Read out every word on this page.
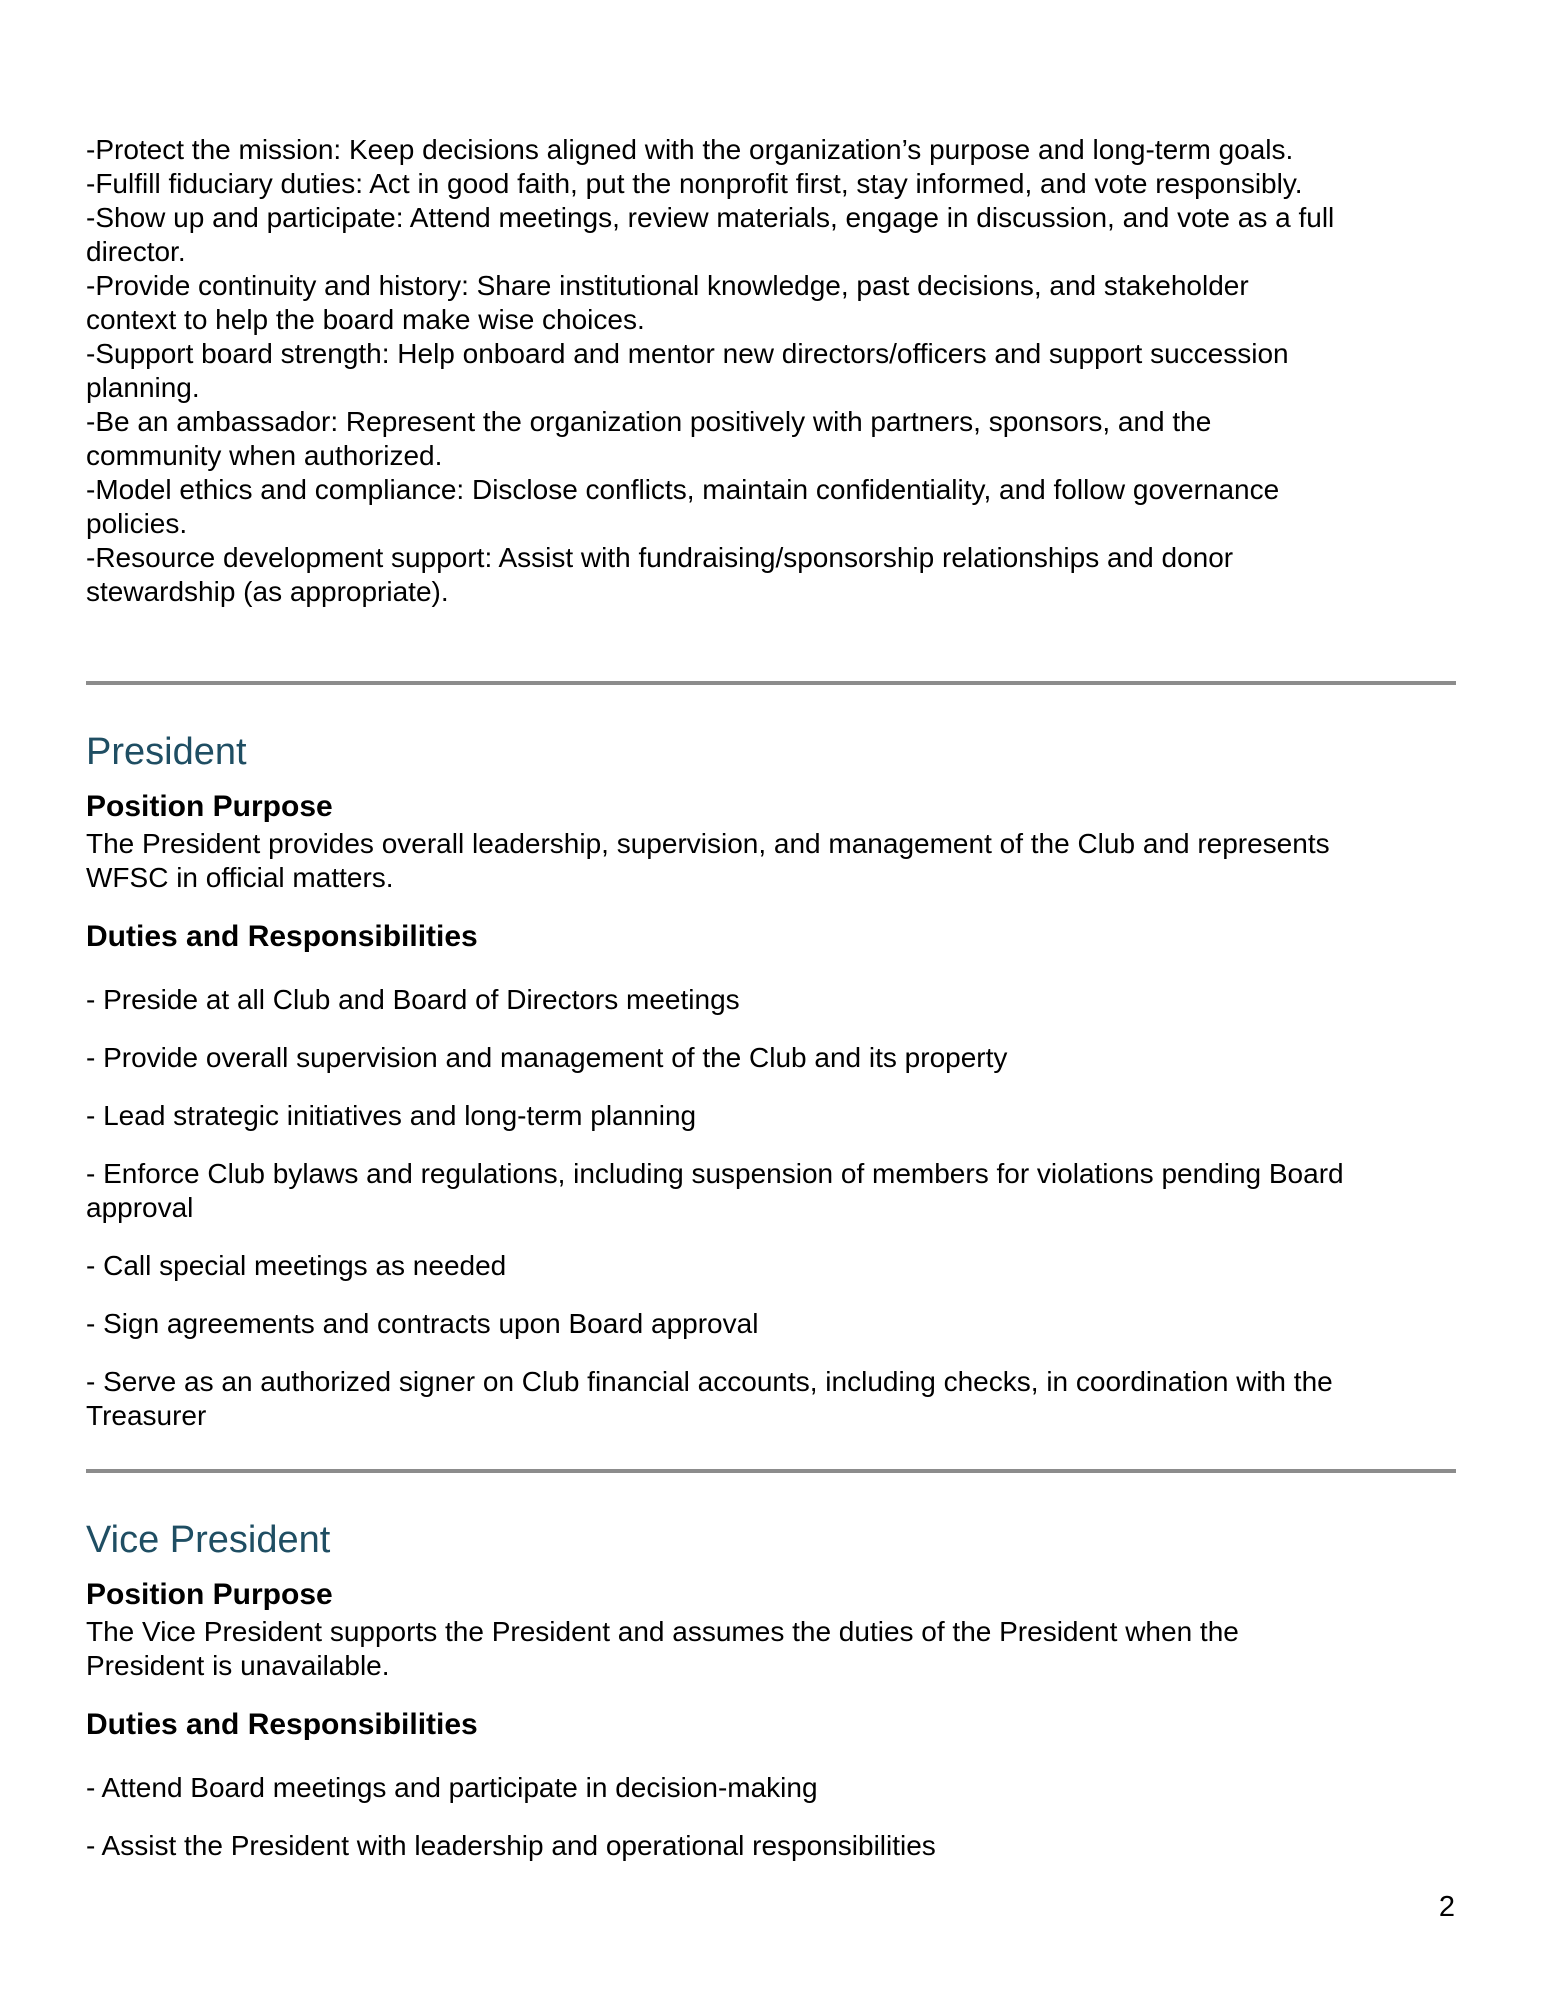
-Protect the mission: Keep decisions aligned with the organization’s purpose and long-term goals.
-Fulfill fiduciary duties: Act in good faith, put the nonprofit first, stay informed, and vote responsibly.
-Show up and participate: Attend meetings, review materials, engage in discussion, and vote as a full
director.
-Provide continuity and history: Share institutional knowledge, past decisions, and stakeholder
context to help the board make wise choices.
-Support board strength: Help onboard and mentor new directors/officers and support succession
planning.
-Be an ambassador: Represent the organization positively with partners, sponsors, and the
community when authorized.
-Model ethics and compliance: Disclose conflicts, maintain confidentiality, and follow governance
policies.
-Resource development support: Assist with fundraising/sponsorship relationships and donor
stewardship (as appropriate).
President
Position Purpose
The President provides overall leadership, supervision, and management of the Club and represents
WFSC in official matters.
Duties and Responsibilities
- Preside at all Club and Board of Directors meetings
- Provide overall supervision and management of the Club and its property
- Lead strategic initiatives and long-term planning
- Enforce Club bylaws and regulations, including suspension of members for violations pending Board
approval
- Call special meetings as needed
- Sign agreements and contracts upon Board approval
- Serve as an authorized signer on Club financial accounts, including checks, in coordination with the
Treasurer
Vice President
Position Purpose
The Vice President supports the President and assumes the duties of the President when the
President is unavailable.
Duties and Responsibilities
- Attend Board meetings and participate in decision-making
- Assist the President with leadership and operational responsibilities
2
